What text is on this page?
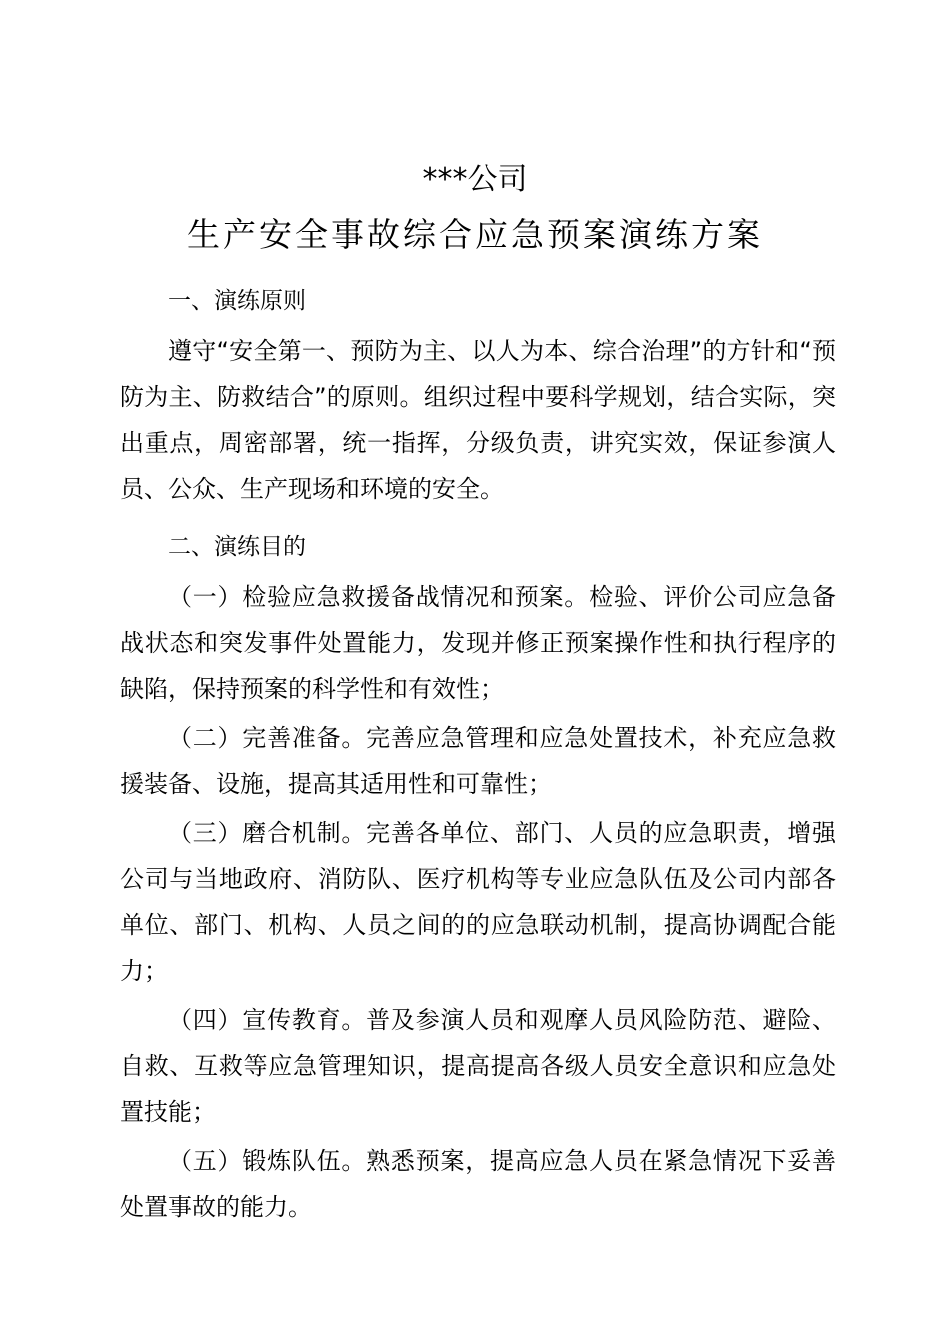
***公司
生产安全事故综合应急预案演练方案

一、演练原则

遵守“安全第一、预防为主、以人为本、综合治理”的方针和“预防为主、防救结合”的原则。组织过程中要科学规划，结合实际，突出重点，周密部署，统一指挥，分级负责，讲究实效，保证参演人员、公众、生产现场和环境的安全。

二、演练目的

（一）检验应急救援备战情况和预案。检验、评价公司应急备战状态和突发事件处置能力，发现并修正预案操作性和执行程序的缺陷，保持预案的科学性和有效性；

（二）完善准备。完善应急管理和应急处置技术，补充应急救援装备、设施，提高其适用性和可靠性；

（三）磨合机制。完善各单位、部门、人员的应急职责，增强公司与当地政府、消防队、医疗机构等专业应急队伍及公司内部各单位、部门、机构、人员之间的的应急联动机制，提高协调配合能力；

（四）宣传教育。普及参演人员和观摩人员风险防范、避险、自救、互救等应急管理知识，提高提高各级人员安全意识和应急处置技能；

（五）锻炼队伍。熟悉预案，提高应急人员在紧急情况下妥善处置事故的能力。
